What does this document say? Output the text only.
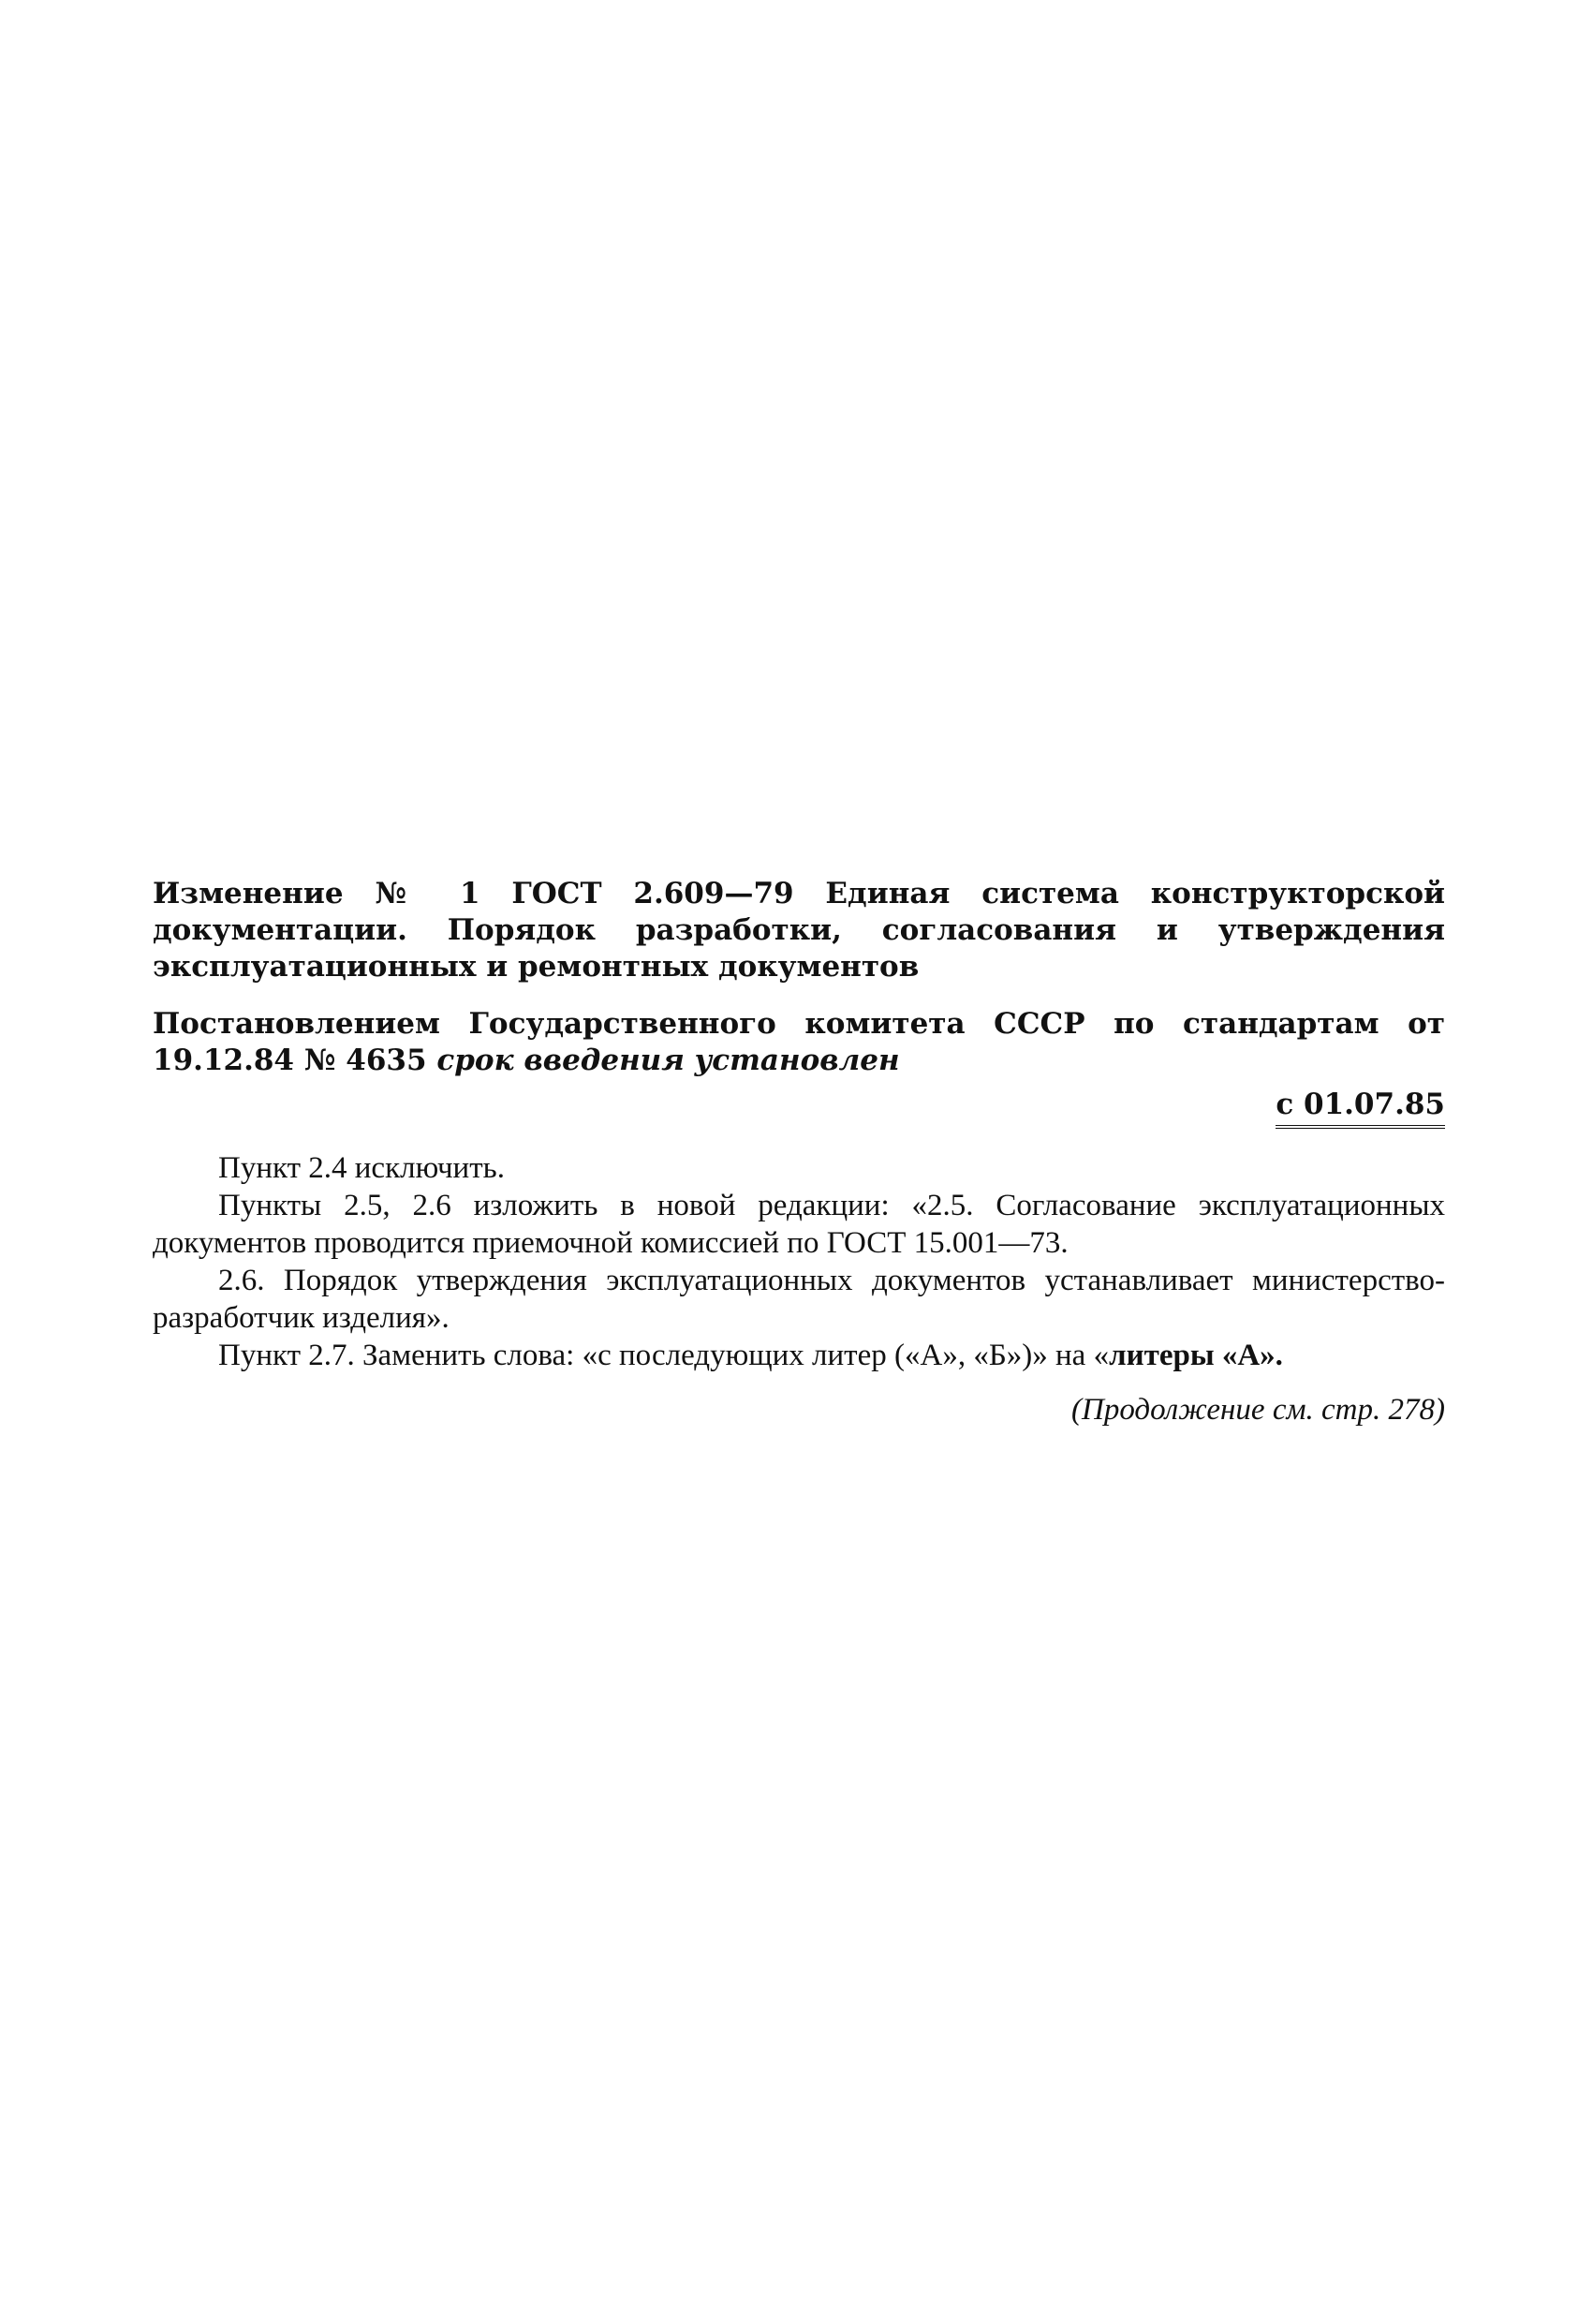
Изменение № 1 ГОСТ 2.609—79 Единая система конструкторской документации. Порядок разработки, согласования и утверждения эксплуатационных и ремонтных документов

Постановлением Государственного комитета СССР по стандартам от 19.12.84 № 4635 срок введения установлен

с 01.07.85

Пункт 2.4 исключить.

Пункты 2.5, 2.6 изложить в новой редакции: «2.5. Согласование эксплуатационных документов проводится приемочной комиссией по ГОСТ 15.001—73.

2.6. Порядок утверждения эксплуатационных документов устанавливает министерство-разработчик изделия».

Пункт 2.7. Заменить слова: «с последующих литер («А», «Б»)» на «литеры «А».

(Продолжение см. стр. 278)
